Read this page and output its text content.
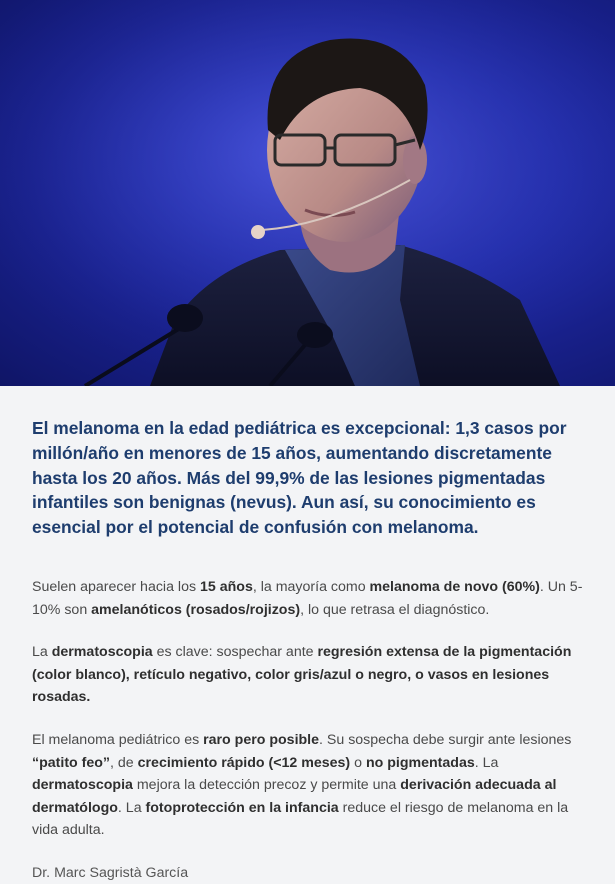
El melanoma en la edad pediátrica es excepcional: 1,3 casos por millón/año en menores de 15 años, aumentando discretamente hasta los 20 años. Más del 99,9% de las lesiones pigmentadas infantiles son benignas (nevus). Aun así, su conocimiento es esencial por el potencial de confusión con melanoma.

Suelen aparecer hacia los 15 años, la mayoría como melanoma de novo (60%). Un 5-10% son amelanóticos (rosados/rojizos), lo que retrasa el diagnóstico.

La dermatoscopia es clave: sospechar ante regresión extensa de la pigmentación (color blanco), retículo negativo, color gris/azul o negro, o vasos en lesiones rosadas.

El melanoma pediátrico es raro pero posible. Su sospecha debe surgir ante lesiones “patito feo”, de crecimiento rápido (<12 meses) o no pigmentadas. La dermatoscopia mejora la detección precoz y permite una derivación adecuada al dermatólogo. La fotoprotección en la infancia reduce el riesgo de melanoma en la vida adulta.

Dr. Marc Sagristà García
